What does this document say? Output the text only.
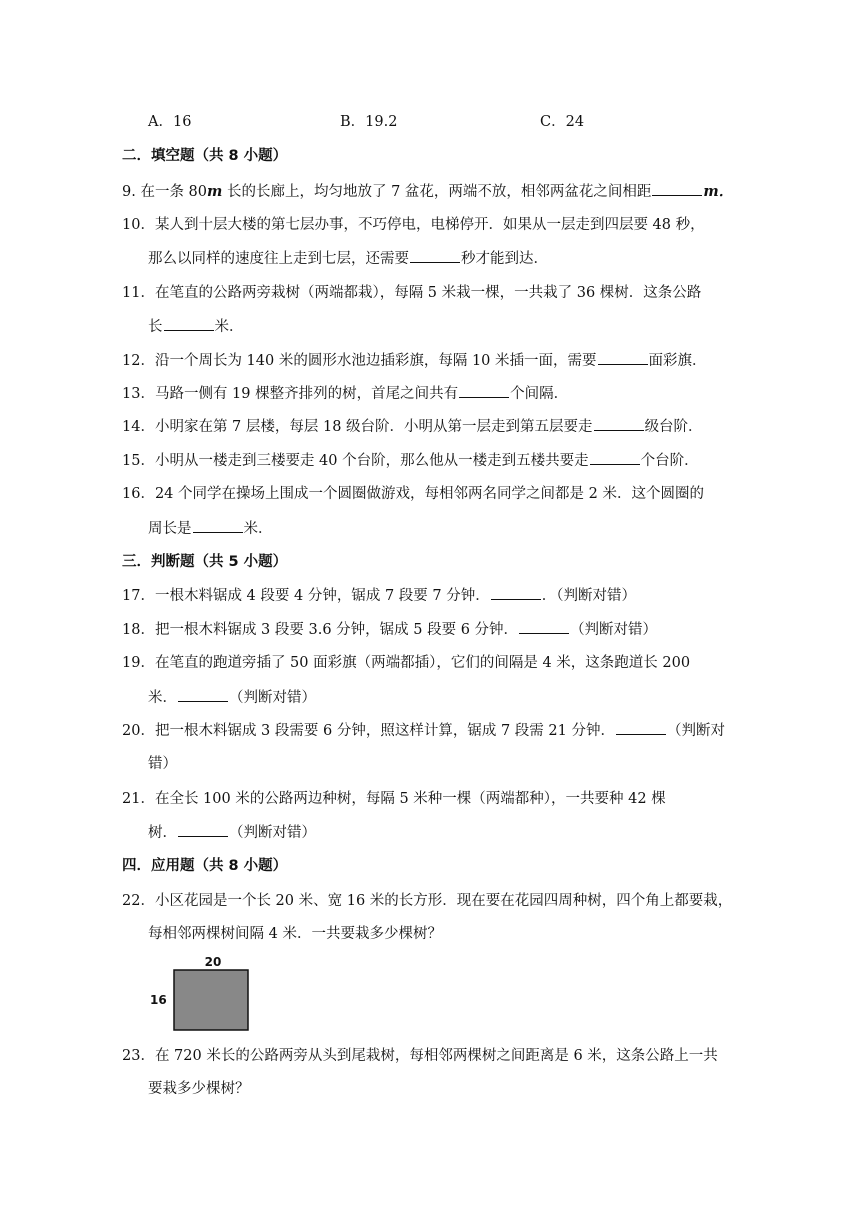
A．16	B．19.2	C．24
二．填空题（共 8 小题）
9. 在一条 80m 长的长廊上，均匀地放了 7 盆花，两端不放，相邻两盆花之间相距	m．
10．某人到十层大楼的第七层办事，不巧停电，电梯停开．如果从一层走到四层要 48 秒，
那么以同样的速度往上走到七层，还需要	秒才能到达．
11．在笔直的公路两旁栽树（两端都栽），每隔 5 米栽一棵，一共栽了 36 棵树．这条公路
长	米．
12．沿一个周长为 140 米的圆形水池边插彩旗，每隔 10 米插一面，需要	面彩旗．
13．马路一侧有 19 棵整齐排列的树，首尾之间共有	个间隔．
14．小明家在第 7 层楼，每层 18 级台阶．小明从第一层走到第五层要走	级台阶．
15．小明从一楼走到三楼要走 40 个台阶，那么他从一楼走到五楼共要走	个台阶．
16．24 个同学在操场上围成一个圆圈做游戏，每相邻两名同学之间都是 2 米．这个圆圈的
周长是	米．
三．判断题（共 5 小题）
17．一根木料锯成 4 段要 4 分钟，锯成 7 段要 7 分钟．	．（判断对错）
18．把一根木料锯成 3 段要 3.6 分钟，锯成 5 段要 6 分钟．	（判断对错）
19．在笔直的跑道旁插了 50 面彩旗（两端都插），它们的间隔是 4 米，这条跑道长 200
米．	（判断对错）
20．把一根木料锯成 3 段需要 6 分钟，照这样计算，锯成 7 段需 21 分钟．	（判断对
错）
21．在全长 100 米的公路两边种树，每隔 5 米种一棵（两端都种），一共要种 42 棵
树．	（判断对错）
四．应用题（共 8 小题）
22．小区花园是一个长 20 米、宽 16 米的长方形．现在要在花园四周种树，四个角上都要栽，
每相邻两棵树间隔 4 米．一共要栽多少棵树？
20
16
23．在 720 米长的公路两旁从头到尾栽树，每相邻两棵树之间距离是 6 米，这条公路上一共
要栽多少棵树？
